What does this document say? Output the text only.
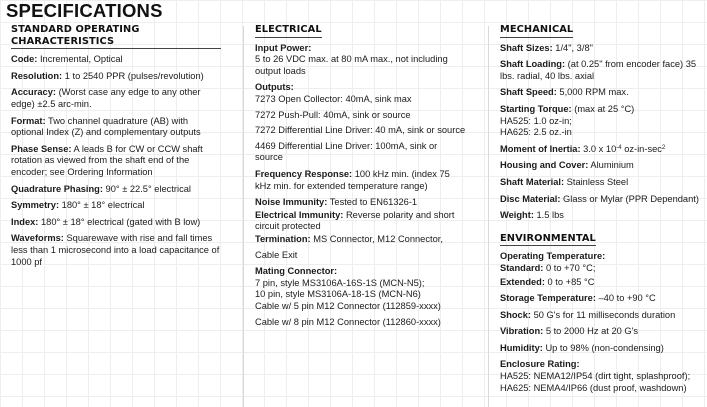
SPECIFICATIONS
STANDARD OPERATING CHARACTERISTICS
Code: Incremental, Optical
Resolution: 1 to 2540 PPR (pulses/revolution)
Accuracy: (Worst case any edge to any other edge) ±2.5 arc-min.
Format: Two channel quadrature (AB) with optional Index (Z) and complementary outputs
Phase Sense: A leads B for CW or CCW shaft rotation as viewed from the shaft end of the encoder; see Ordering Information
Quadrature Phasing: 90° ± 22.5° electrical
Symmetry: 180° ± 18° electrical
Index: 180° ± 18° electrical (gated with B low)
Waveforms: Squarewave with rise and fall times less than 1 microsecond into a load capacitance of 1000 pf
ELECTRICAL
Input Power:
5 to 26 VDC max. at 80 mA max., not including output loads
Outputs:
7273 Open Collector: 40mA, sink max
7272 Push-Pull: 40mA, sink or source
7272 Differential Line Driver: 40 mA, sink or source
4469 Differential Line Driver: 100mA, sink or source
Frequency Response: 100 kHz min. (index 75 kHz min. for extended temperature range)
Noise Immunity: Tested to EN61326-1
Electrical Immunity: Reverse polarity and short circuit protected
Termination: MS Connector, M12 Connector,
Cable Exit
Mating Connector:
7 pin, style MS3106A-16S-1S (MCN-N5);
10 pin, style MS3106A-18-1S (MCN-N6)
Cable w/ 5 pin M12 Connector (112859-xxxx)
Cable w/ 8 pin M12 Connector (112860-xxxx)
MECHANICAL
Shaft Sizes: 1/4", 3/8"
Shaft Loading: (at 0.25" from encoder face) 35 lbs. radial, 40 lbs. axial
Shaft Speed: 5,000 RPM max.
Starting Torque: (max at 25 °C)
HA525: 1.0 oz-in;
HA625: 2.5 oz.-in
Moment of Inertia: 3.0 x $10^{-4}$ $oz-in-\sec^2$
Housing and Cover: Aluminium
Shaft Material: Stainless Steel
Disc Material: Glass or Mylar (PPR Dependant)
Weight: 1.5 lbs
ENVIRONMENTAL
Operating Temperature:
Standard: 0 to +70 °C;
Extended: 0 to +85 °C
Storage Temperature: –40 to +90 °C
Shock: 50 G's for 11 milliseconds duration
Vibration: 5 to 2000 Hz at 20 G's
Humidity: Up to 98% (non-condensing)
Enclosure Rating:
HA525: NEMA12/IP54 (dirt tight, splashproof);
HA625: NEMA4/IP66 (dust proof, washdown)
